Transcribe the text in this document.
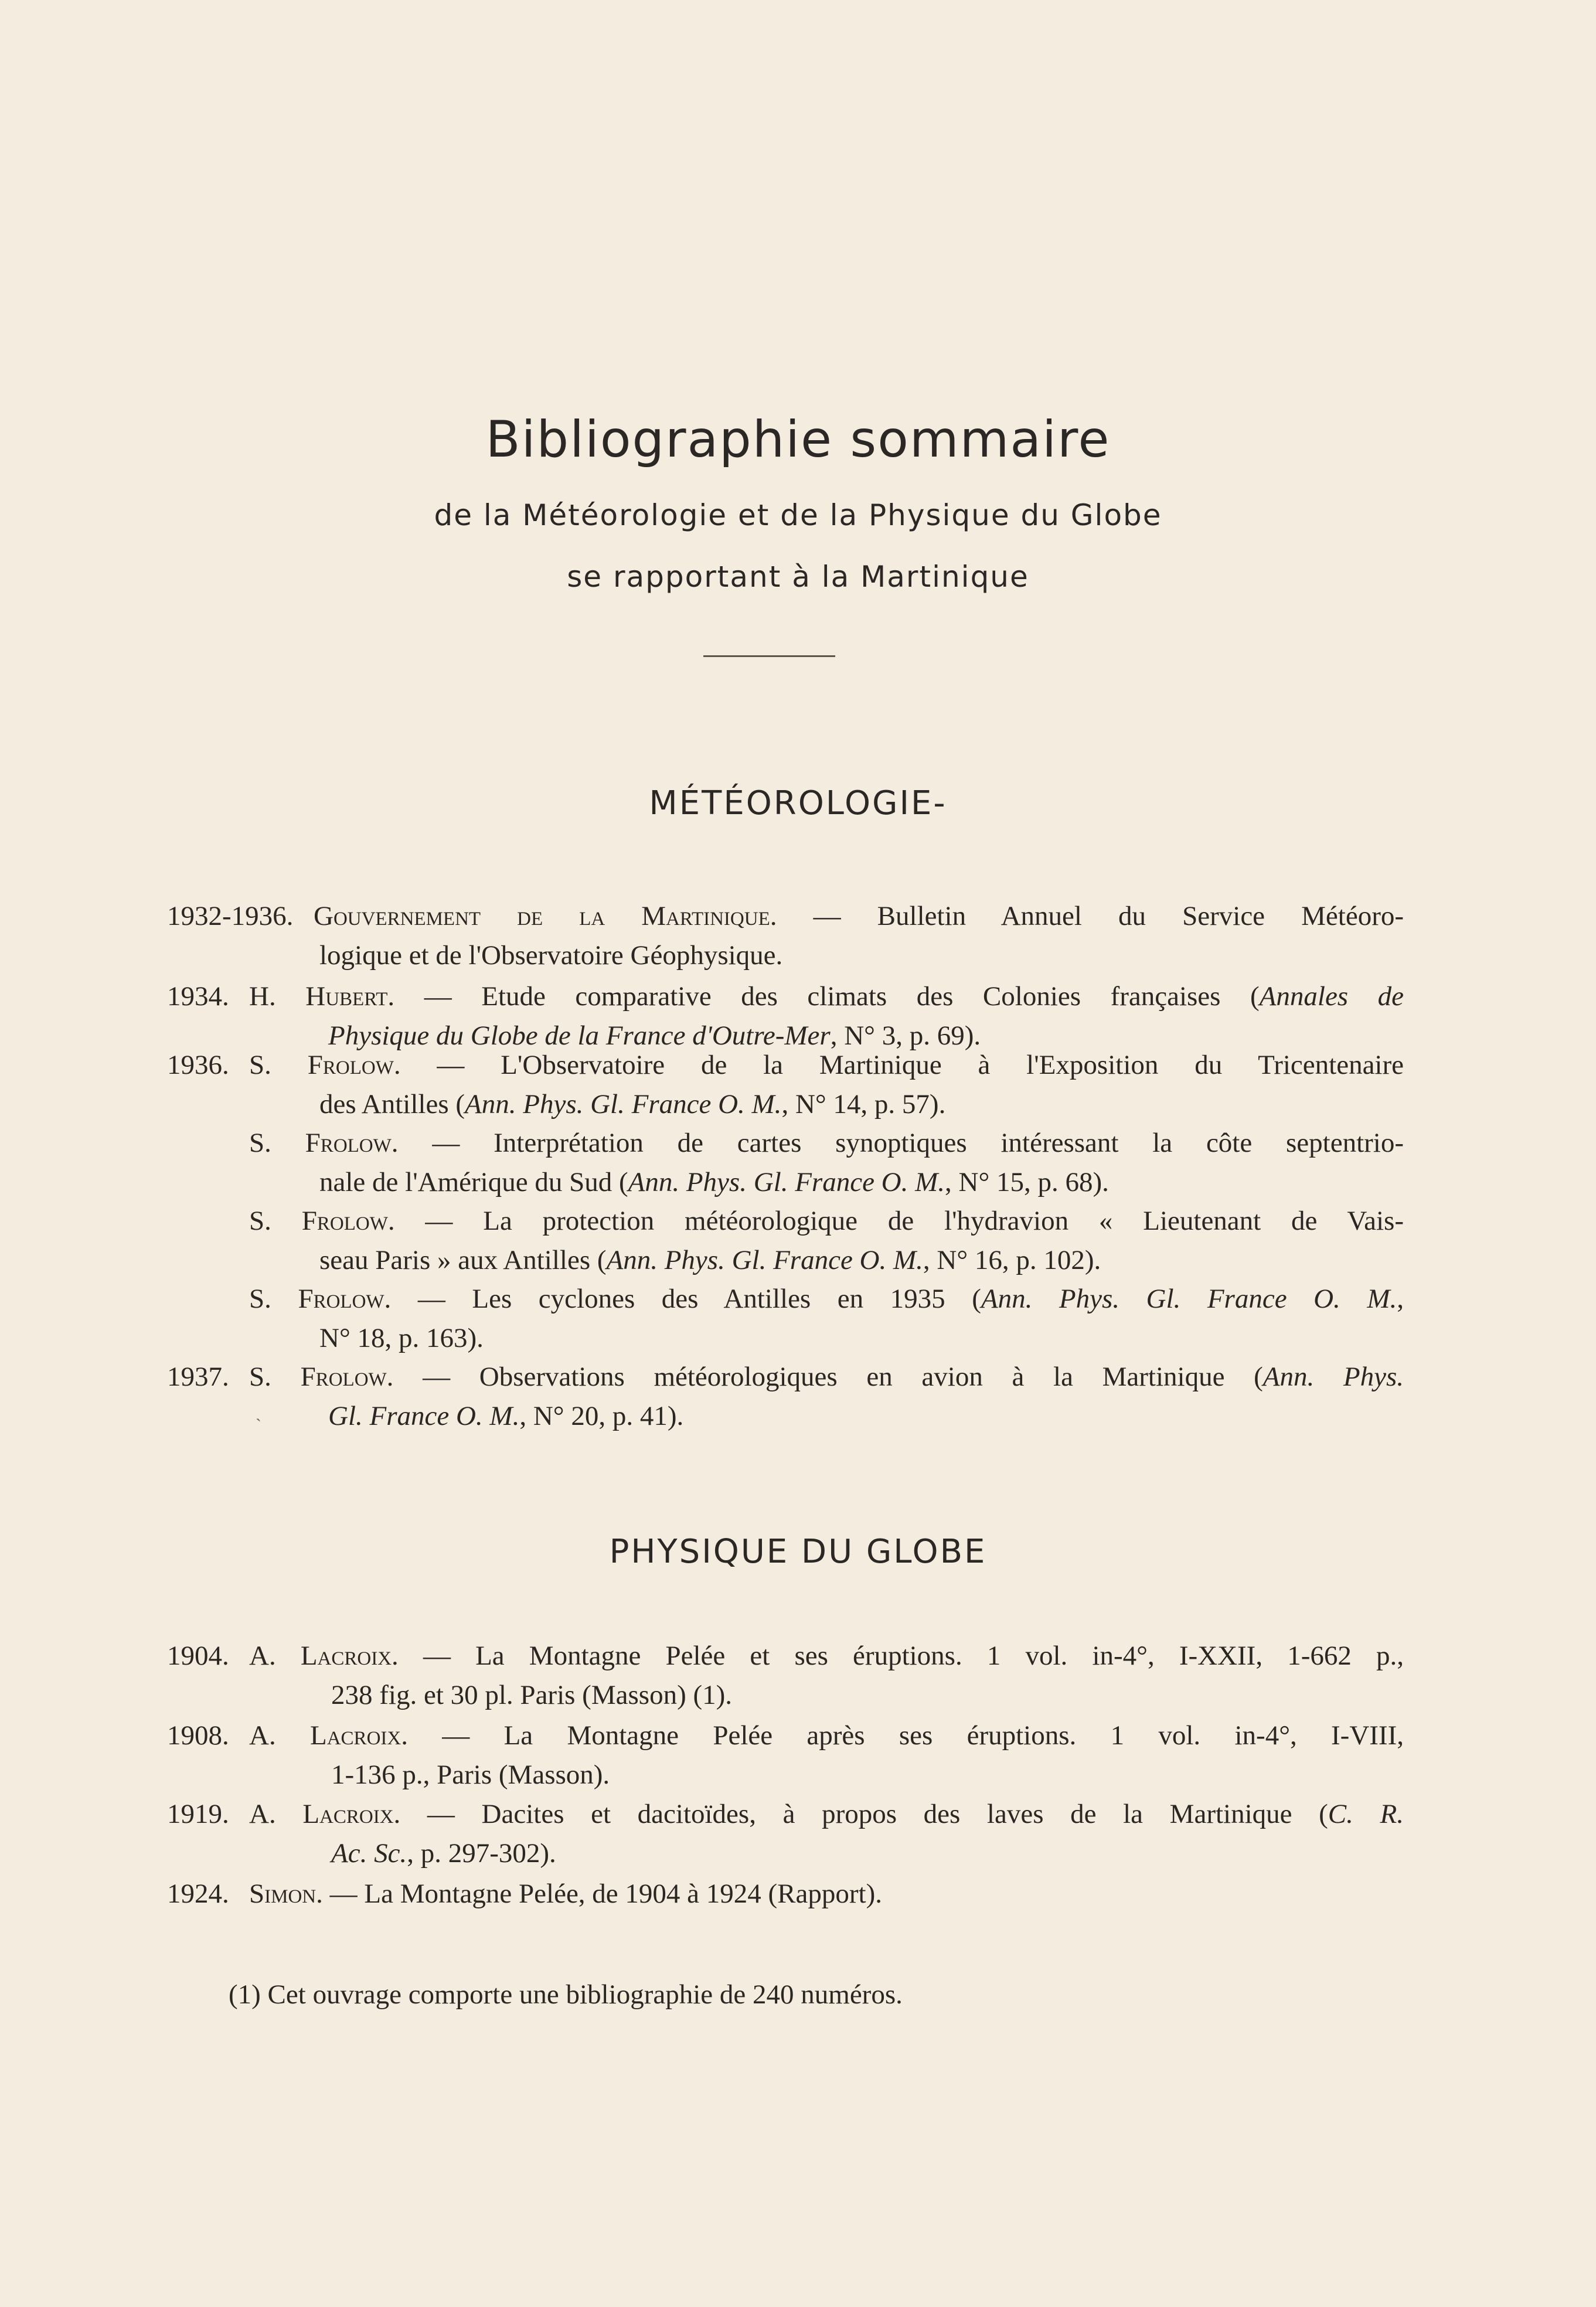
Bibliographie sommaire
de la Météorologie et de la Physique du Globe
se rapportant à la Martinique
MÉTÉOROLOGIE-
1932-1936. Gouvernement de la Martinique. — Bulletin Annuel du Service Météoro-
logique et de l'Observatoire Géophysique.
1934. H. Hubert. — Etude comparative des climats des Colonies françaises (Annales de
Physique du Globe de la France d'Outre-Mer, N° 3, p. 69).
1936. S. Frolow. — L'Observatoire de la Martinique à l'Exposition du Tricentenaire
des Antilles (Ann. Phys. Gl. France O. M., N° 14, p. 57).
S. Frolow. — Interprétation de cartes synoptiques intéressant la côte septentrio-
nale de l'Amérique du Sud (Ann. Phys. Gl. France O. M., N° 15, p. 68).
S. Frolow. — La protection météorologique de l'hydravion « Lieutenant de Vais-
seau Paris » aux Antilles (Ann. Phys. Gl. France O. M., N° 16, p. 102).
S. Frolow. — Les cyclones des Antilles en 1935 (Ann. Phys. Gl. France O. M.,
N° 18, p. 163).
1937. S. Frolow. — Observations météorologiques en avion à la Martinique (Ann. Phys.
Gl. France O. M., N° 20, p. 41).
ˋ
PHYSIQUE DU GLOBE
1904. A. Lacroix. — La Montagne Pelée et ses éruptions. 1 vol. in-4°, I-XXII, 1-662 p.,
238 fig. et 30 pl. Paris (Masson) (1).
1908. A. Lacroix. — La Montagne Pelée après ses éruptions. 1 vol. in-4°, I-VIII,
1-136 p., Paris (Masson).
1919. A. Lacroix. — Dacites et dacitoïdes, à propos des laves de la Martinique (C. R.
Ac. Sc., p. 297-302).
1924. Simon. — La Montagne Pelée, de 1904 à 1924 (Rapport).
(1) Cet ouvrage comporte une bibliographie de 240 numéros.
